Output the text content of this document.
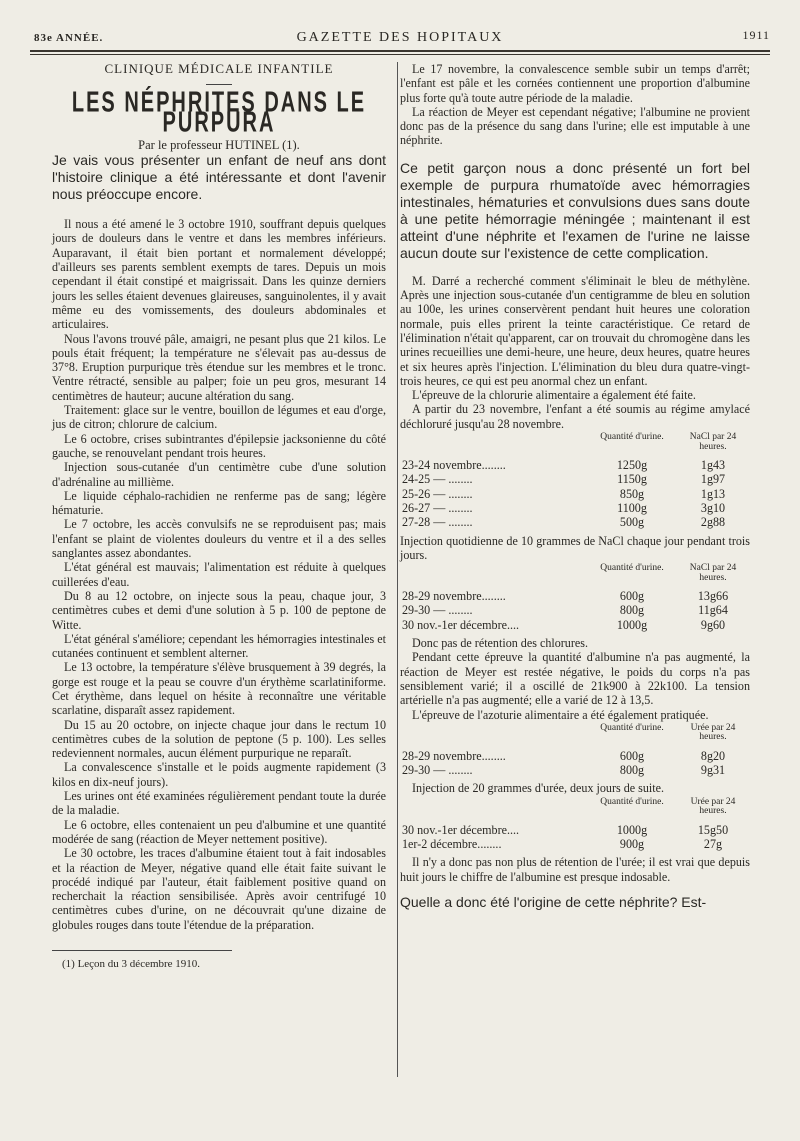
83e ANNÉE.	GAZETTE DES HOPITAUX	1911

CLINIQUE MÉDICALE INFANTILE

LES NÉPHRITES DANS LE PURPURA

Par le professeur HUTINEL (1).

Je vais vous présenter un enfant de neuf ans dont l'histoire clinique a été intéressante et dont l'avenir nous préoccupe encore.

Il nous a été amené le 3 octobre 1910, souffrant depuis quelques jours de douleurs dans le ventre et dans les membres inférieurs. Auparavant, il était bien portant et normalement développé; d'ailleurs ses parents semblent exempts de tares. Depuis un mois cependant il était constipé et maigrissait. Dans les quinze derniers jours les selles étaient devenues glaireuses, sanguinolentes, il y avait même eu des vomissements, des douleurs abdominales et articulaires.

Nous l'avons trouvé pâle, amaigri, ne pesant plus que 21 kilos. Le pouls était fréquent; la température ne s'élevait pas au-dessus de 37°8. Eruption purpurique très étendue sur les membres et le tronc. Ventre rétracté, sensible au palper; foie un peu gros, mesurant 14 centimètres de hauteur; aucune altération du sang.

Traitement: glace sur le ventre, bouillon de légumes et eau d'orge, jus de citron; chlorure de calcium.

Le 6 octobre, crises subintrantes d'épilepsie jacksonienne du côté gauche, se renouvelant pendant trois heures.

Injection sous-cutanée d'un centimètre cube d'une solution d'adrénaline au millième.

Le liquide céphalo-rachidien ne renferme pas de sang; légère hématurie.

Le 7 octobre, les accès convulsifs ne se reproduisent pas; mais l'enfant se plaint de violentes douleurs du ventre et il a des selles sanglantes assez abondantes.

L'état général est mauvais; l'alimentation est réduite à quelques cuillerées d'eau.

Du 8 au 12 octobre, on injecte sous la peau, chaque jour, 3 centimètres cubes et demi d'une solution à 5 p. 100 de peptone de Witte.

L'état général s'améliore; cependant les hémorragies intestinales et cutanées continuent et semblent alterner.

Le 13 octobre, la température s'élève brusquement à 39 degrés, la gorge est rouge et la peau se couvre d'un érythème scarlatiniforme. Cet érythème, dans lequel on hésite à reconnaître une véritable scarlatine, disparaît assez rapidement.

Du 15 au 20 octobre, on injecte chaque jour dans le rectum 10 centimètres cubes de la solution de peptone (5 p. 100). Les selles redeviennent normales, aucun élément purpurique ne reparaît.

La convalescence s'installe et le poids augmente rapidement (3 kilos en dix-neuf jours).

Les urines ont été examinées régulièrement pendant toute la durée de la maladie.

Le 6 octobre, elles contenaient un peu d'albumine et une quantité modérée de sang (réaction de Meyer nettement positive).

Le 30 octobre, les traces d'albumine étaient tout à fait indosables et la réaction de Meyer, négative quand elle était faite suivant le procédé indiqué par l'auteur, était faiblement positive quand on recherchait la réaction sensibilisée. Après avoir centrifugé 10 centimètres cubes d'urine, on ne découvrait qu'une dizaine de globules rouges dans toute l'étendue de la préparation.

(1) Leçon du 3 décembre 1910.

Le 17 novembre, la convalescence semble subir un temps d'arrêt; l'enfant est pâle et les cornées contiennent une proportion d'albumine plus forte qu'à toute autre période de la maladie.

La réaction de Meyer est cependant négative; l'albumine ne provient donc pas de la présence du sang dans l'urine; elle est imputable à une néphrite.

Ce petit garçon nous a donc présenté un fort bel exemple de purpura rhumatoïde avec hémorragies intestinales, hématuries et convulsions dues sans doute à une petite hémorragie méningée ; maintenant il est atteint d'une néphrite et l'examen de l'urine ne laisse aucun doute sur l'existence de cette complication.

M. Darré a recherché comment s'éliminait le bleu de méthylène. Après une injection sous-cutanée d'un centigramme de bleu en solution au 100e, les urines conservèrent pendant huit heures une coloration normale, puis elles prirent la teinte caractéristique. Ce retard de l'élimination n'était qu'apparent, car on trouvait du chromogène dans les urines recueillies une demi-heure, une heure, deux heures, quatre heures et six heures après l'injection. L'élimination du bleu dura quatre-vingt-trois heures, ce qui est peu anormal chez un enfant.

L'épreuve de la chlorurie alimentaire a également été faite.

A partir du 23 novembre, l'enfant a été soumis au régime amylacé déchloruré jusqu'au 28 novembre.

	Quantité d'urine.	NaCl par 24 heures.
23-24 novembre........	1250g	1g43
24-25 — ........	1150g	1g97
25-26 — ........	850g	1g13
26-27 — ........	1100g	3g10
27-28 — ........	500g	2g88

Injection quotidienne de 10 grammes de NaCl chaque jour pendant trois jours.

	Quantité d'urine.	NaCl par 24 heures.
28-29 novembre........	600g	13g66
29-30 — ........	800g	11g64
30 nov.-1er décembre....	1000g	9g60

Donc pas de rétention des chlorures.

Pendant cette épreuve la quantité d'albumine n'a pas augmenté, la réaction de Meyer est restée négative, le poids du corps n'a pas sensiblement varié; il a oscillé de 21k900 à 22k100. La tension artérielle n'a pas augmenté; elle a varié de 12 à 13,5.

L'épreuve de l'azoturie alimentaire a été également pratiquée.

	Quantité d'urine.	Urée par 24 heures.
28-29 novembre........	600g	8g20
29-30 — ........	800g	9g31

Injection de 20 grammes d'urée, deux jours de suite.

	Quantité d'urine.	Urée par 24 heures.
30 nov.-1er décembre....	1000g	15g50
1er-2 décembre........	900g	27g

Il n'y a donc pas non plus de rétention de l'urée; il est vrai que depuis huit jours le chiffre de l'albumine est presque indosable.

Quelle a donc été l'origine de cette néphrite? Est-
